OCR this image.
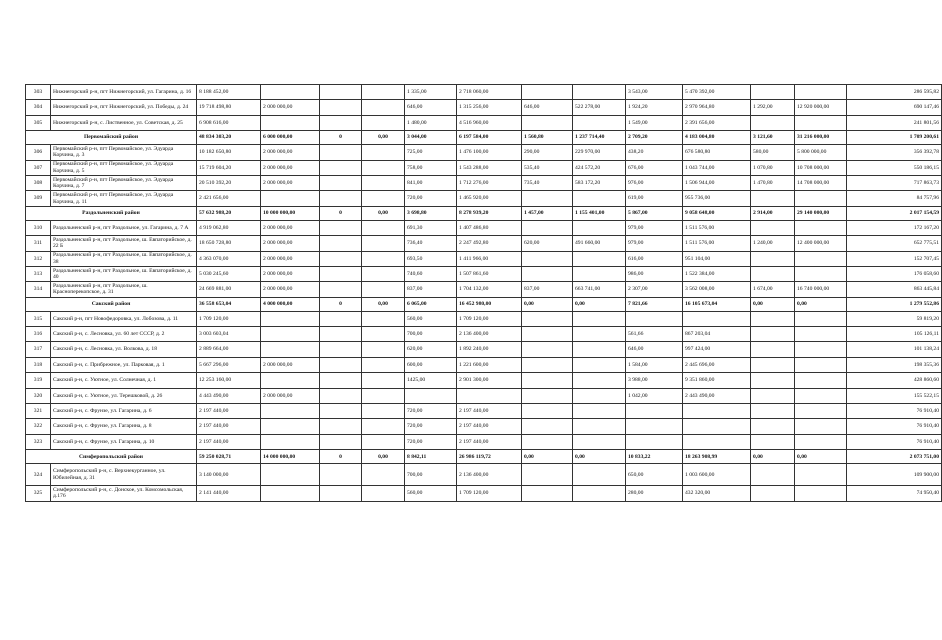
303	Нижнегорский р-н, пгт Нижнегорский, ул. Гагарина, д. 16	8 188 452,00				1 335,00	2 718 060,00			3 543,00	5 470 392,00			286 595,82
304	Нижнегорский р-н, пгт Нижнегорский, ул. Победы, д. 24	19 718 498,80	2 000 000,00			646,00	1 315 256,00	646,00	522 278,00	1 924,20	2 970 964,80	1 292,00	12 920 000,00	690 147,46
305	Нижнегорский р-н, с. Лиственное, ул. Советская, д. 25	6 908 616,00				1 480,00	4 516 960,00			1 549,00	2 391 656,00			241 801,56
Первомайский район		48 834 303,20	6 000 000,00	0	0,00	3 044,00	6 197 584,00	1 560,80	1 237 714,40	2 709,20	4 183 004,80	3 121,60	31 216 000,00	1 709 200,61
306	Первомайский р-н, пгт Первомайское, ул. Эдуарда Корчина, д. 3	10 182 650,80	2 000 000,00			725,00	1 476 100,00	290,00	229 970,00	438,20	676 580,80	580,00	5 800 000,00	356 392,78
307	Первомайский р-н, пгт Первомайское, ул. Эдуарда Корчина, д. 5	15 719 604,20	2 000 000,00			758,00	1 543 288,00	535,40	424 572,20	676,00	1 043 744,00	1 070,80	10 708 000,00	550 186,15
308	Первомайский р-н, пгт Первомайское, ул. Эдуарда Корчина, д. 7	20 510 392,20	2 000 000,00			841,00	1 712 276,00	735,40	583 172,20	976,00	1 506 944,00	1 470,80	14 708 000,00	717 863,73
309	Первомайский р-н, пгт Первомайское, ул. Эдуарда Корчина, д. 11	2 421 656,00				720,00	1 465 920,00			619,00	955 736,00			84 757,96
Раздольненский район		57 632 988,20	10 000 000,00	0	0,00	3 698,80	8 278 939,20	1 457,00	1 155 401,00	5 867,00	9 058 648,00	2 914,00	29 140 000,00	2 017 154,59
310	Раздольненский р-н, пгт Раздольное, ул. Гагарина, д. 7 А	4 919 062,80	2 000 000,00			691,30	1 407 486,80			979,00	1 511 576,00			172 167,20
311	Раздольненский р-н, пгт Раздольное, ш. Евпаторийское, д. 22 Б	18 650 728,80	2 000 000,00			736,40	2 247 492,80	620,00	491 660,00	979,00	1 511 576,00	1 240,00	12 400 000,00	652 775,51
312	Раздольненский р-н, пгт Раздольное, ш. Евпаторийское, д. 38	4 363 070,00	2 000 000,00			693,50	1 411 966,00			616,00	951 104,00			152 707,45
313	Раздольненский р-н, пгт Раздольное, ш. Евпаторийское, д. 40	5 030 245,60	2 000 000,00			740,60	1 507 861,60			986,00	1 522 384,00			176 058,60
314	Раздольненский р-н, пгт Раздольное, ш. Красноперекопское, д. 31	24 669 881,00	2 000 000,00			837,00	1 704 132,00	837,00	663 741,00	2 307,00	3 562 008,00	1 674,00	16 740 000,00	863 445,84
Сакский район		36 558 653,04	4 000 000,00	0	0,00	6 065,00	16 452 980,00	0,00	0,00	7 821,66	16 105 673,04	0,00	0,00	1 279 552,86
315	Сакский р-н, пгт Новофедоровка, ул. Лобозова, д. 11	1 709 120,00				560,00	1 709 120,00							59 819,20
316	Сакский р-н, с. Лесновка, ул. 60 лет СССР, д. 2	3 003 603,04				700,00	2 136 400,00			561,66	867 203,04			105 126,11
317	Сакский р-н, с. Лесновка, ул. Волкова, д. 18	2 889 664,00				620,00	1 892 240,00			646,00	997 424,00			101 138,24
318	Сакский р-н, с. Прибрежное, ул. Парковая, д. 1	5 667 296,00	2 000 000,00			600,00	1 221 600,00			1 584,00	2 445 696,00			198 355,36
319	Сакский р-н, с. Уютное, ул. Солнечная, д. 1	12 253 160,00				1425,00	2 901 300,00			3 988,00	9 351 860,00			428 860,60
320	Сакский р-н, с. Уютное, ул. Терешковой, д. 26	4 443 490,00	2 000 000,00							1 042,00	2 443 490,00			155 522,15
321	Сакский р-н, с. Фрунзе, ул. Гагарина, д. 6	2 197 440,00				720,00	2 197 440,00							76 910,40
322	Сакский р-н, с. Фрунзе, ул. Гагарина, д. 8	2 197 440,00				720,00	2 197 440,00							76 910,40
323	Сакский р-н, с. Фрунзе, ул. Гагарина, д. 10	2 197 440,00				720,00	2 197 440,00							76 910,40
Симферопольский район		59 250 028,71	14 000 000,00	0	0,00	8 842,11	26 986 119,72	0,00	0,00	10 833,22	18 263 908,99	0,00	0,00	2 073 751,00
324	Симферопольский р-н, с. Верхнекурганное, ул. Юбилейная, д. 31	3 140 000,00				700,00	2 136 400,00			650,00	1 003 600,00			109 900,00
325	Симферопольский р-н, с. Донское, ул. Комсомольская, д.176	2 141 440,00				560,00	1 709 120,00			280,00	432 320,00			74 950,40
